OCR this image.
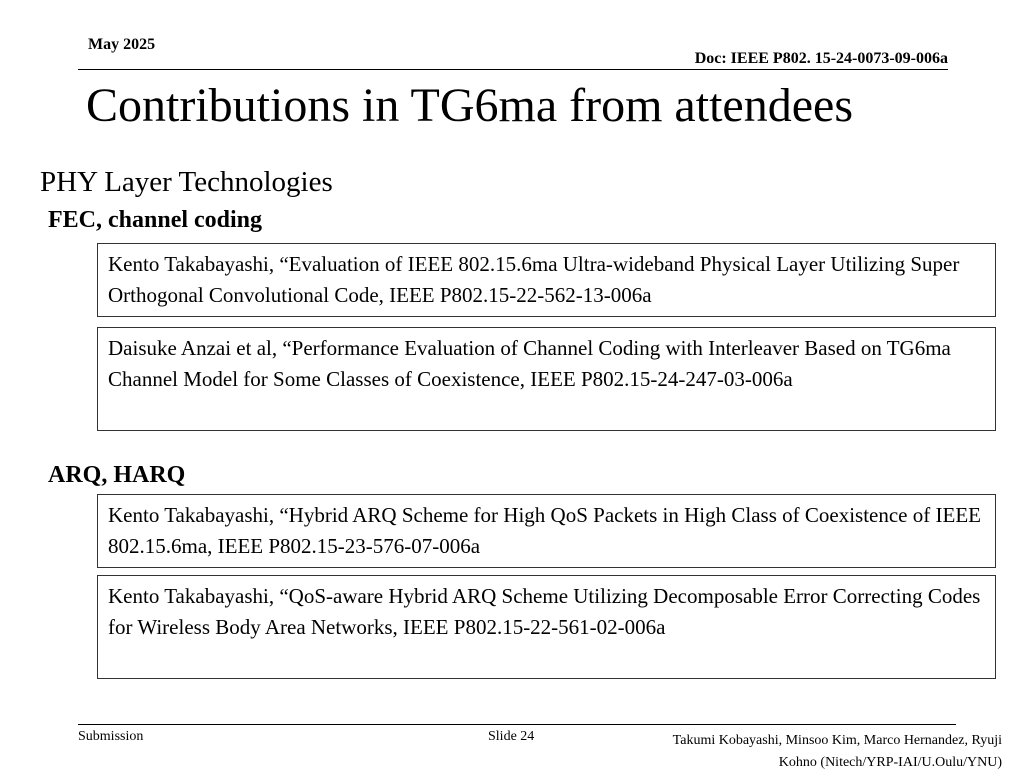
May 2025
Doc: IEEE P802. 15-24-0073-09-006a
Contributions in TG6ma from attendees
PHY Layer Technologies
FEC, channel coding
Kento Takabayashi, “Evaluation of IEEE 802.15.6ma Ultra-wideband Physical Layer Utilizing Super Orthogonal Convolutional Code, IEEE P802.15-22-562-13-006a
Daisuke Anzai et al, “Performance Evaluation of Channel Coding with Interleaver Based on TG6ma Channel Model for Some Classes of Coexistence, IEEE P802.15-24-247-03-006a
ARQ, HARQ
Kento Takabayashi, “Hybrid ARQ Scheme for High QoS Packets in High Class of Coexistence of IEEE 802.15.6ma, IEEE P802.15-23-576-07-006a
Kento Takabayashi, “QoS-aware Hybrid ARQ Scheme Utilizing Decomposable Error Correcting Codes for Wireless Body Area Networks, IEEE P802.15-22-561-02-006a
Submission	Slide 24	Takumi Kobayashi, Minsoo Kim, Marco Hernandez, Ryuji
Kohno (Nitech/YRP-IAI/U.Oulu/YNU)
